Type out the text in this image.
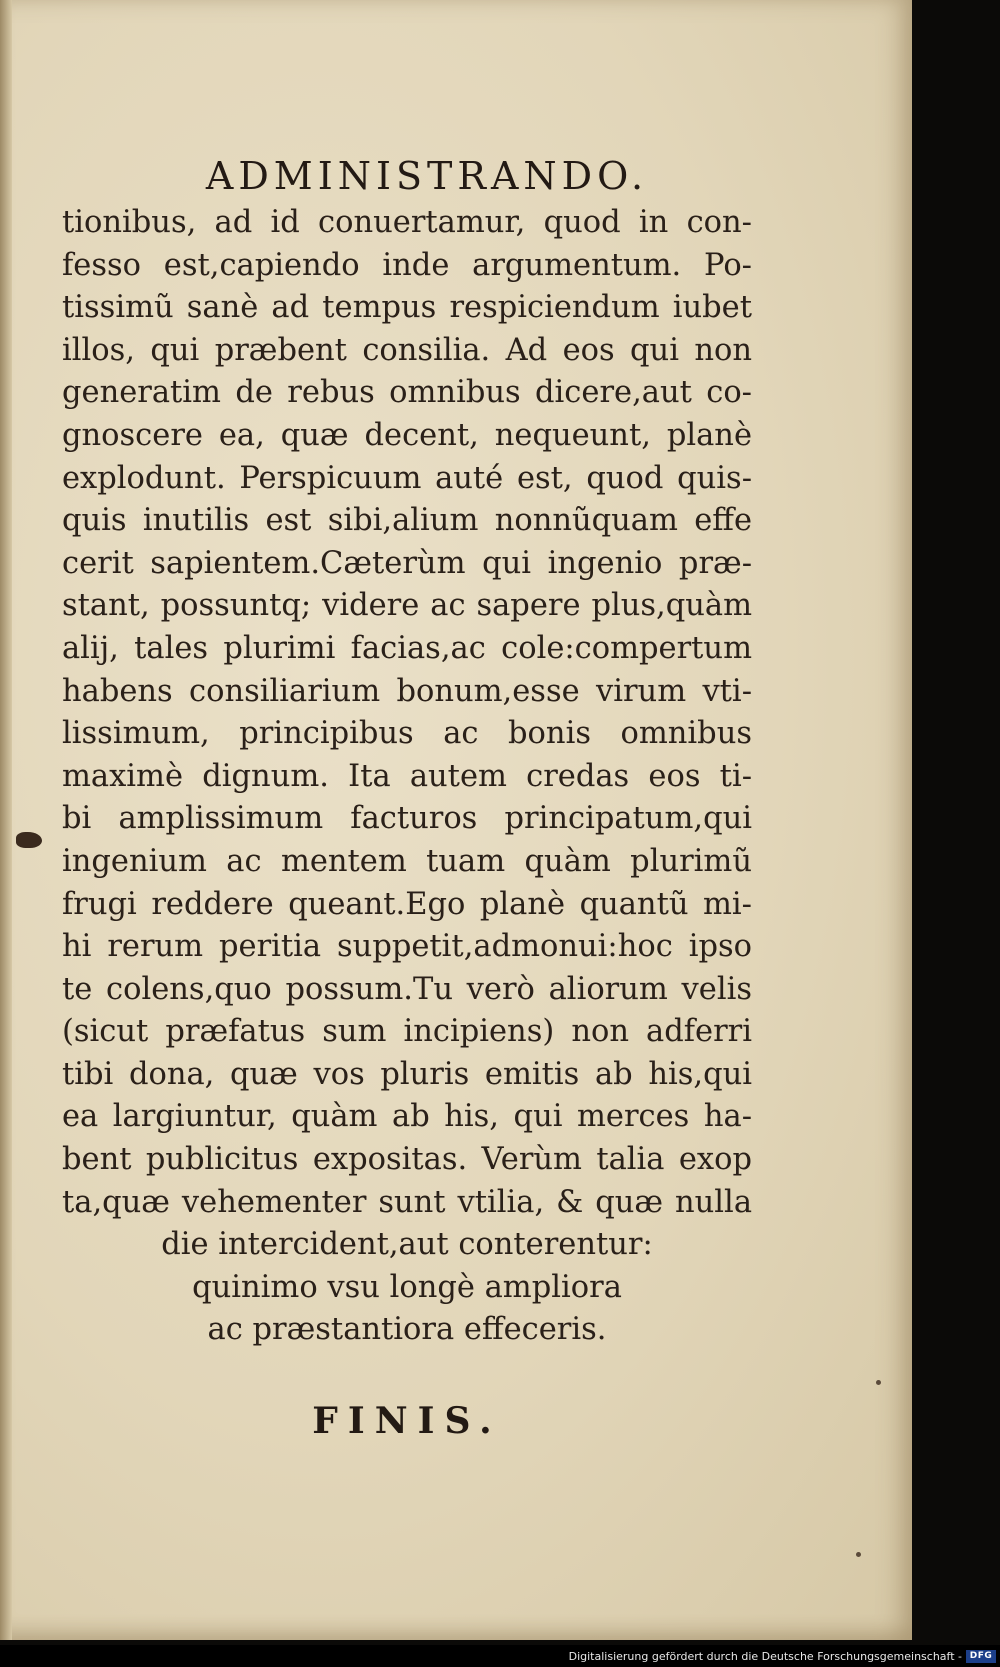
ADMINISTRANDO.
tionibus, ad id conuertamur, quod in con-
fesso est,capiendo inde argumentum. Po-
tissimũ sanè ad tempus respiciendum iubet
illos, qui præbent consilia. Ad eos qui non
generatim de rebus omnibus dicere,aut co-
gnoscere ea, quæ decent, nequeunt, planè
explodunt. Perspicuum auté est, quod quis-
quis inutilis est sibi,alium nonnũquam effe
cerit sapientem.Cæterùm qui ingenio præ-
stant, possuntq; videre ac sapere plus,quàm
alij, tales plurimi facias,ac cole:compertum
habens consiliarium bonum,esse virum vti-
lissimum, principibus ac bonis omnibus
maximè dignum. Ita autem credas eos ti-
bi amplissimum facturos principatum,qui
ingenium ac mentem tuam quàm plurimũ
frugi reddere queant.Ego planè quantũ mi-
hi rerum peritia suppetit,admonui:hoc ipso
te colens,quo possum.Tu verò aliorum velis
(sicut præfatus sum incipiens) non adferri
tibi dona, quæ vos pluris emitis ab his,qui
ea largiuntur, quàm ab his, qui merces ha-
bent publicitus expositas. Verùm talia exop
ta,quæ vehementer sunt vtilia, & quæ nulla
die intercident,aut conterentur:
quinimo vsu longè ampliora
ac præstantiora effeceris.
FINIS.
Digitalisierung gefördert durch die Deutsche Forschungsgemeinschaft - DFG
